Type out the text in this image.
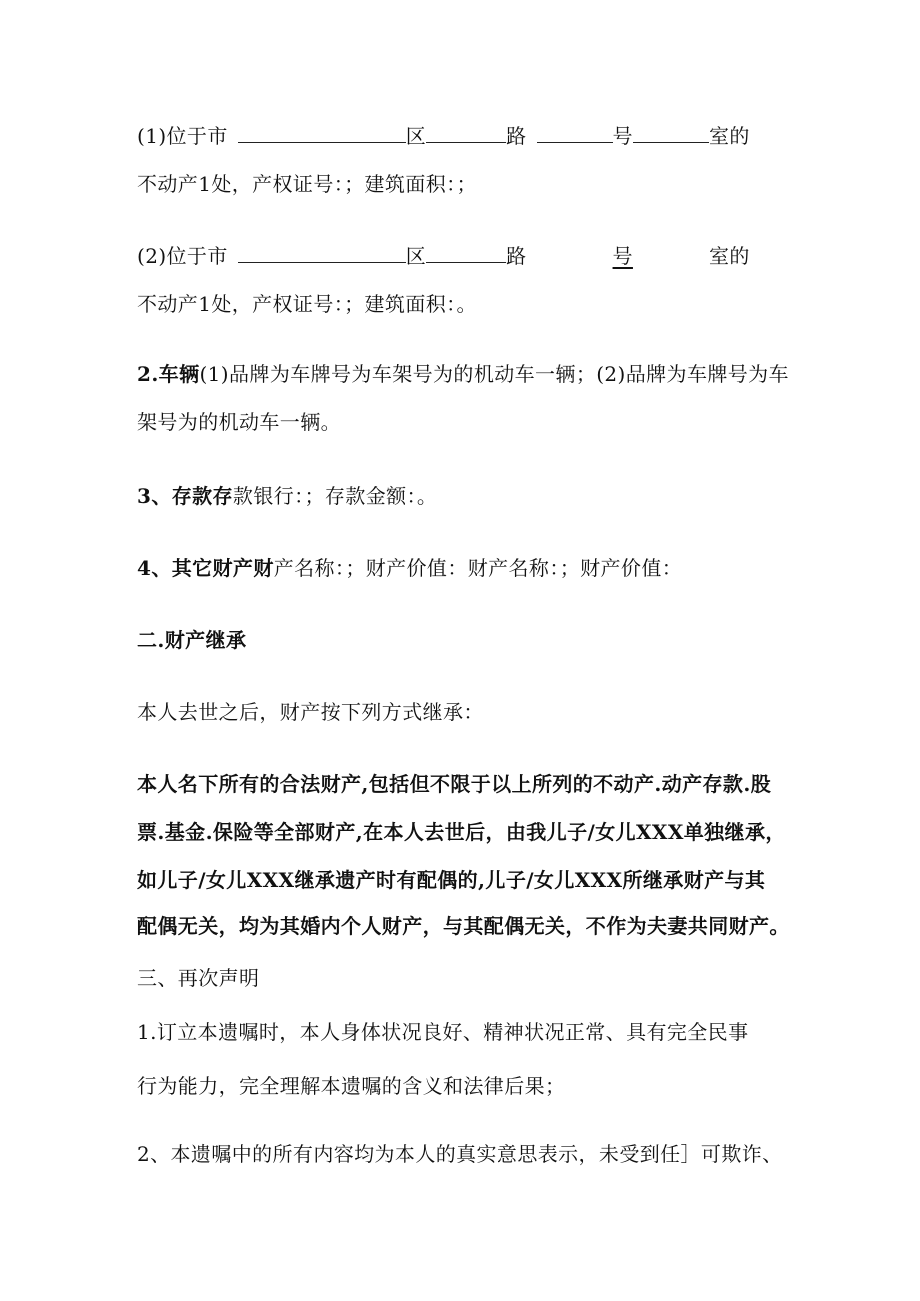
(1)位于市	区	路	号	室的
不动产1处，产权证号：；建筑面积：；
(2)位于市	区	路	号	室的
不动产1处，产权证号：；建筑面积：。
2.车辆(1)品牌为车牌号为车架号为的机动车一辆；(2)品牌为车牌号为车
架号为的机动车一辆。
3、存款存款银行：；存款金额：。
4、其它财产财产名称：；财产价值：财产名称：；财产价值：
二.财产继承
本人去世之后，财产按下列方式继承：
本人名下所有的合法财产,包括但不限于以上所列的不动产.动产存款.股
票.基金.保险等全部财产,在本人去世后，由我儿子/女儿XXX单独继承，
如儿子/女儿XXX继承遗产时有配偶的,儿子/女儿XXX所继承财产与其
配偶无关，均为其婚内个人财产，与其配偶无关，不作为夫妻共同财产。
三、再次声明
1.订立本遗嘱时，本人身体状况良好、精神状况正常、具有完全民事
行为能力，完全理解本遗嘱的含义和法律后果；
2、本遗嘱中的所有内容均为本人的真实意思表示，未受到任］可欺诈、
